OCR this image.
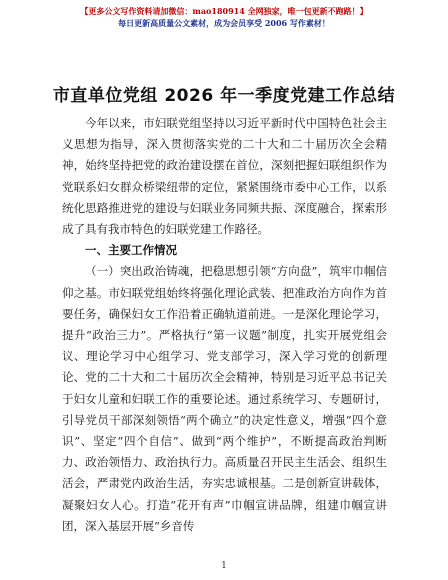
【更多公文写作资料请加微信：mao180914 全网独家，唯一包更新不跑路！】
每日更新高质量公文素材，成为会员享受 2006 写作素材！
市直单位党组 2026 年一季度党建工作总结

今年以来，市妇联党组坚持以习近平新时代中国特色社会主义思想为指导，深入贯彻落实党的二十大和二十届历次全会精神，始终坚持把党的政治建设摆在首位，深刻把握妇联组织作为党联系妇女群众桥梁纽带的定位，紧紧围绕市委中心工作，以系统化思路推进党的建设与妇联业务同频共振、深度融合，探索形成了具有我市特色的妇联党建工作路径。

一、主要工作情况

（一）突出政治铸魂，把稳思想引领“方向盘”，筑牢巾帼信仰之基。市妇联党组始终将强化理论武装、把准政治方向作为首要任务，确保妇女工作沿着正确轨道前进。一是深化理论学习，提升“政治三力”。严格执行“第一议题”制度，扎实开展党组会议、理论学习中心组学习、党支部学习，深入学习党的创新理论、党的二十大和二十届历次全会精神，特别是习近平总书记关于妇女儿童和妇联工作的重要论述。通过系统学习、专题研讨，引导党员干部深刻领悟“两个确立”的决定性意义，增强“四个意识”、坚定“四个自信”、做到“两个维护”，不断提高政治判断力、政治领悟力、政治执行力。高质量召开民主生活会、组织生活会，严肃党内政治生活，夯实忠诚根基。二是创新宣讲载体，凝聚妇女人心。打造“花开有声”巾帼宣讲品牌，组建巾帼宣讲团，深入基层开展“乡音传

1
